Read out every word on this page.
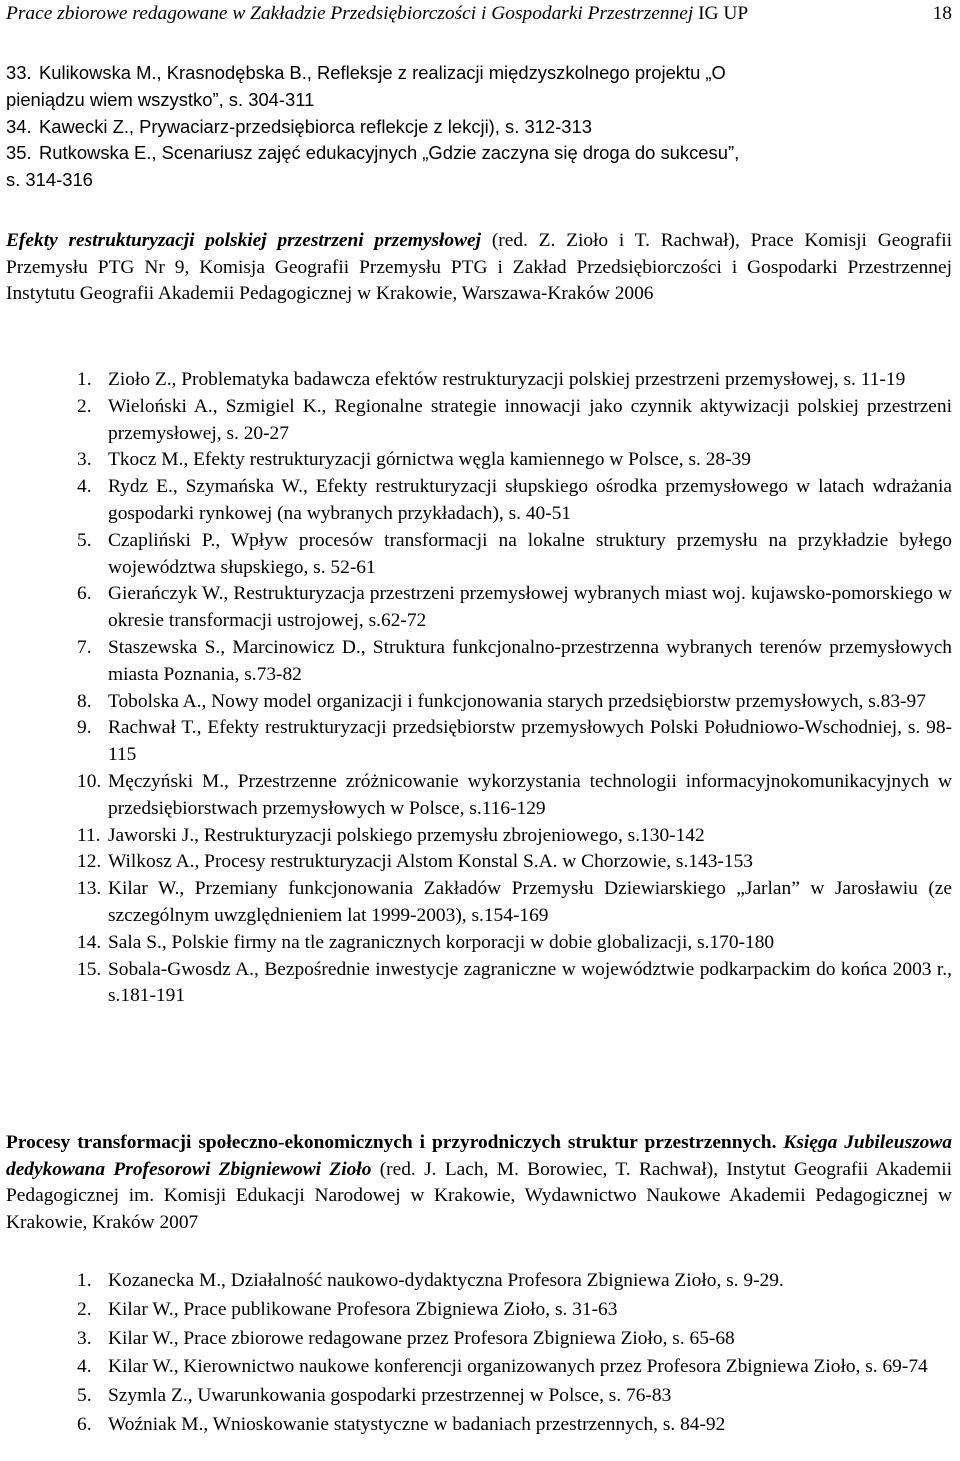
Prace zbiorowe redagowane w Zakładzie Przedsiębiorczości i Gospodarki Przestrzennej IG UP	18
33. Kulikowska M., Krasnodębska B., Refleksje z realizacji międzyszkolnego projektu „O
pieniądzu wiem wszystko”, s. 304-311
34. Kawecki Z., Prywaciarz-przedsiębiorca reflekcje z lekcji), s. 312-313
35. Rutkowska E., Scenariusz zajęć edukacyjnych „Gdzie zaczyna się droga do sukcesu”,
s. 314-316
Efekty restrukturyzacji polskiej przestrzeni przemysłowej (red. Z. Zioło i T. Rachwał), Prace Komisji Geografii Przemysłu PTG Nr 9, Komisja Geografii Przemysłu PTG i Zakład Przedsiębiorczości i Gospodarki Przestrzennej Instytutu Geografii Akademii Pedagogicznej w Krakowie, Warszawa-Kraków 2006
1. Zioło Z., Problematyka badawcza efektów restrukturyzacji polskiej przestrzeni przemysłowej, s. 11-19
2. Wieloński A., Szmigiel K., Regionalne strategie innowacji jako czynnik aktywizacji polskiej przestrzeni przemysłowej, s. 20-27
3. Tkocz M., Efekty restrukturyzacji górnictwa węgla kamiennego w Polsce, s. 28-39
4. Rydz E., Szymańska W., Efekty restrukturyzacji słupskiego ośrodka przemysłowego w latach wdrażania gospodarki rynkowej (na wybranych przykładach), s. 40-51
5. Czapliński P., Wpływ procesów transformacji na lokalne struktury przemysłu na przykładzie byłego województwa słupskiego, s. 52-61
6. Gierańczyk W., Restrukturyzacja przestrzeni przemysłowej wybranych miast woj. kujawsko-pomorskiego w okresie transformacji ustrojowej, s.62-72
7. Staszewska S., Marcinowicz D., Struktura funkcjonalno-przestrzenna wybranych terenów przemysłowych miasta Poznania, s.73-82
8. Tobolska A., Nowy model organizacji i funkcjonowania starych przedsiębiorstw przemysłowych, s.83-97
9. Rachwał T., Efekty restrukturyzacji przedsiębiorstw przemysłowych Polski Południowo-Wschodniej, s. 98-115
10. Męczyński M., Przestrzenne zróżnicowanie wykorzystania technologii informacyjnokomunikacyjnych w przedsiębiorstwach przemysłowych w Polsce, s.116-129
11. Jaworski J., Restrukturyzacji polskiego przemysłu zbrojeniowego, s.130-142
12. Wilkosz A., Procesy restrukturyzacji Alstom Konstal S.A. w Chorzowie, s.143-153
13. Kilar W., Przemiany funkcjonowania Zakładów Przemysłu Dziewiarskiego „Jarlan” w Jarosławiu (ze szczególnym uwzględnieniem lat 1999-2003), s.154-169
14. Sala S., Polskie firmy na tle zagranicznych korporacji w dobie globalizacji, s.170-180
15. Sobala-Gwosdz A., Bezpośrednie inwestycje zagraniczne w województwie podkarpackim do końca 2003 r., s.181-191
Procesy transformacji społeczno-ekonomicznych i przyrodniczych struktur przestrzennych. Księga Jubileuszowa dedykowana Profesorowi Zbigniewowi Zioło (red. J. Lach, M. Borowiec, T. Rachwał), Instytut Geografii Akademii Pedagogicznej im. Komisji Edukacji Narodowej w Krakowie, Wydawnictwo Naukowe Akademii Pedagogicznej w Krakowie, Kraków 2007
1. Kozanecka M., Działalność naukowo-dydaktyczna Profesora Zbigniewa Zioło, s. 9-29.
2. Kilar W., Prace publikowane Profesora Zbigniewa Zioło, s. 31-63
3. Kilar W., Prace zbiorowe redagowane przez Profesora Zbigniewa Zioło, s. 65-68
4. Kilar W., Kierownictwo naukowe konferencji organizowanych przez Profesora Zbigniewa Zioło, s. 69-74
5. Szymla Z., Uwarunkowania gospodarki przestrzennej w Polsce, s. 76-83
6. Woźniak M., Wnioskowanie statystyczne w badaniach przestrzennych, s. 84-92
